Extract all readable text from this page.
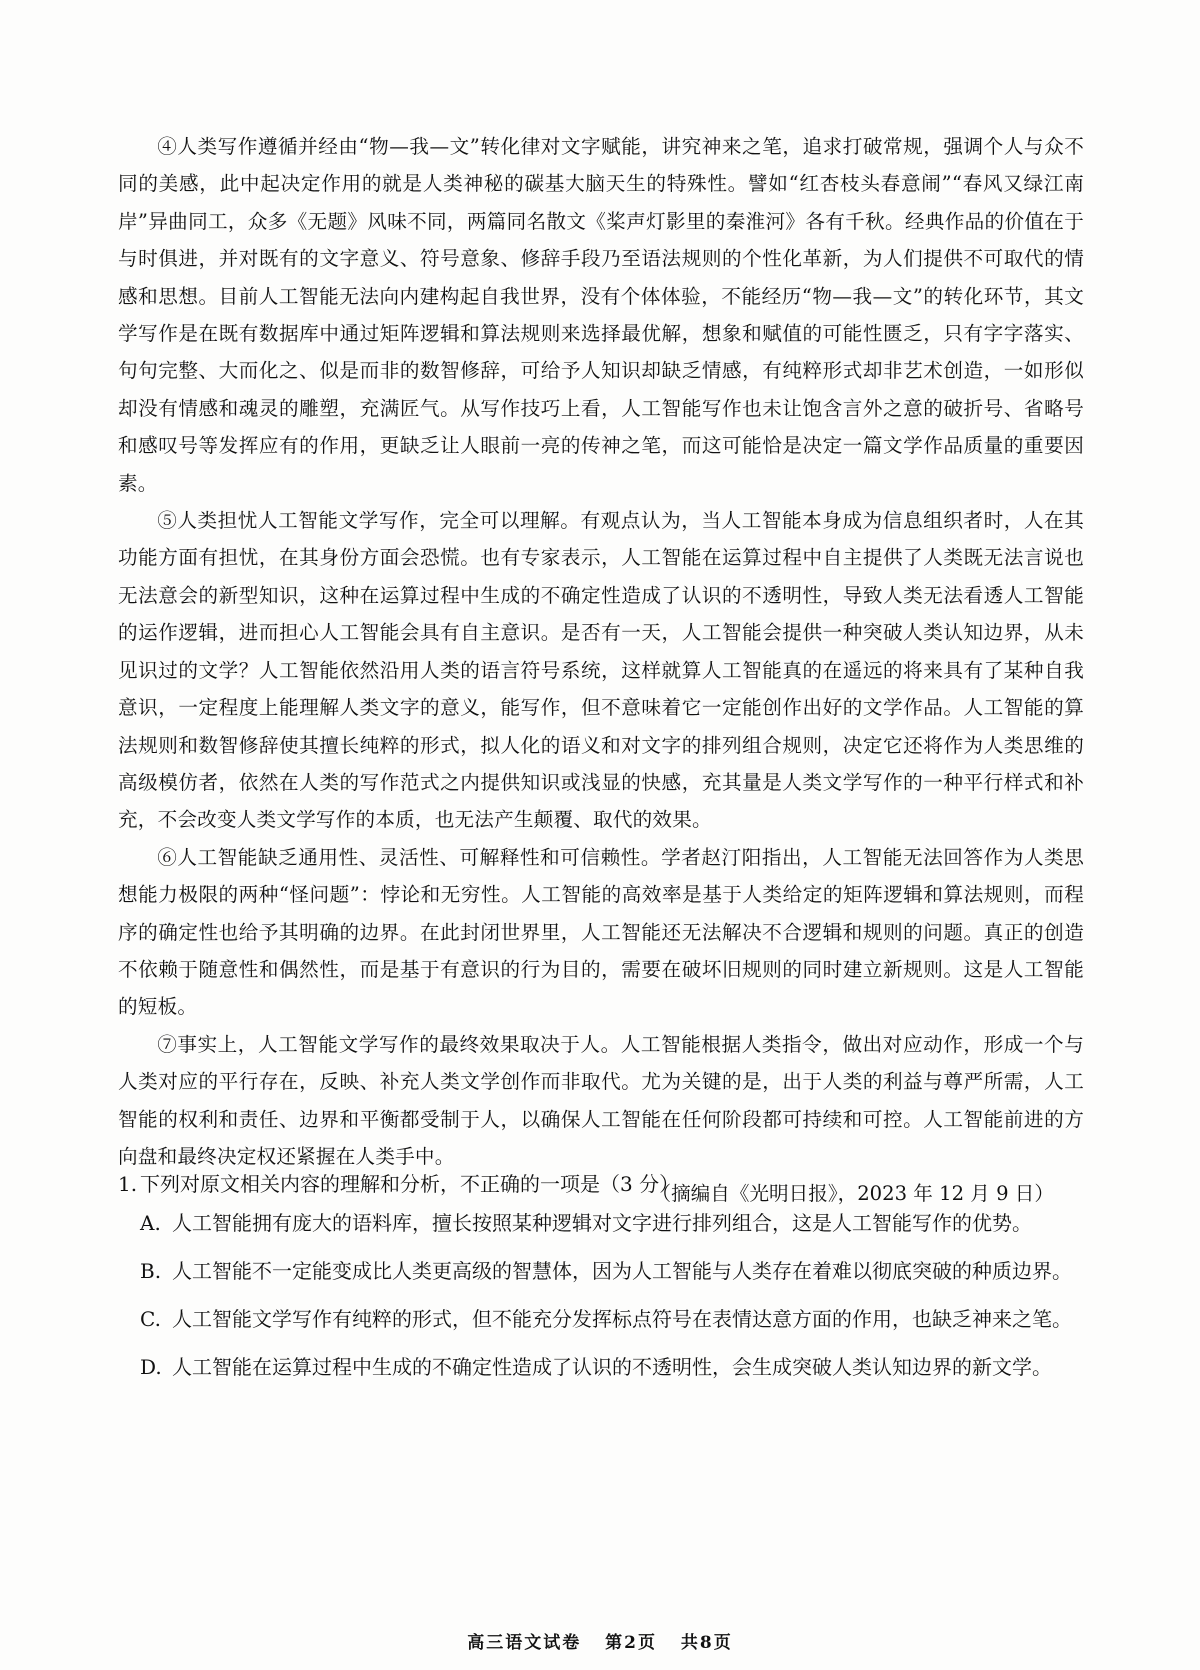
④人类写作遵循并经由“物—我—文”转化律对文字赋能，讲究神来之笔，追求打破常规，强调个人与众不同的美感，此中起决定作用的就是人类神秘的碳基大脑天生的特殊性。譬如“红杏枝头春意闹”“春风又绿江南岸”异曲同工，众多《无题》风味不同，两篇同名散文《桨声灯影里的秦淮河》各有千秋。经典作品的价值在于与时俱进，并对既有的文字意义、符号意象、修辞手段乃至语法规则的个性化革新，为人们提供不可取代的情感和思想。目前人工智能无法向内建构起自我世界，没有个体体验，不能经历“物—我—文”的转化环节，其文学写作是在既有数据库中通过矩阵逻辑和算法规则来选择最优解，想象和赋值的可能性匮乏，只有字字落实、句句完整、大而化之、似是而非的数智修辞，可给予人知识却缺乏情感，有纯粹形式却非艺术创造，一如形似却没有情感和魂灵的雕塑，充满匠气。从写作技巧上看，人工智能写作也未让饱含言外之意的破折号、省略号和感叹号等发挥应有的作用，更缺乏让人眼前一亮的传神之笔，而这可能恰是决定一篇文学作品质量的重要因素。

⑤人类担忧人工智能文学写作，完全可以理解。有观点认为，当人工智能本身成为信息组织者时，人在其功能方面有担忧，在其身份方面会恐慌。也有专家表示，人工智能在运算过程中自主提供了人类既无法言说也无法意会的新型知识，这种在运算过程中生成的不确定性造成了认识的不透明性，导致人类无法看透人工智能的运作逻辑，进而担心人工智能会具有自主意识。是否有一天，人工智能会提供一种突破人类认知边界，从未见识过的文学？人工智能依然沿用人类的语言符号系统，这样就算人工智能真的在遥远的将来具有了某种自我意识，一定程度上能理解人类文字的意义，能写作，但不意味着它一定能创作出好的文学作品。人工智能的算法规则和数智修辞使其擅长纯粹的形式，拟人化的语义和对文字的排列组合规则，决定它还将作为人类思维的高级模仿者，依然在人类的写作范式之内提供知识或浅显的快感，充其量是人类文学写作的一种平行样式和补充，不会改变人类文学写作的本质，也无法产生颠覆、取代的效果。

⑥人工智能缺乏通用性、灵活性、可解释性和可信赖性。学者赵汀阳指出，人工智能无法回答作为人类思想能力极限的两种“怪问题”：悖论和无穷性。人工智能的高效率是基于人类给定的矩阵逻辑和算法规则，而程序的确定性也给予其明确的边界。在此封闭世界里，人工智能还无法解决不合逻辑和规则的问题。真正的创造不依赖于随意性和偶然性，而是基于有意识的行为目的，需要在破坏旧规则的同时建立新规则。这是人工智能的短板。

⑦事实上，人工智能文学写作的最终效果取决于人。人工智能根据人类指令，做出对应动作，形成一个与人类对应的平行存在，反映、补充人类文学创作而非取代。尤为关键的是，出于人类的利益与尊严所需，人工智能的权利和责任、边界和平衡都受制于人，以确保人工智能在任何阶段都可持续和可控。人工智能前进的方向盘和最终决定权还紧握在人类手中。

（摘编自《光明日报》，2023 年 12 月 9 日）

1. 下列对原文相关内容的理解和分析，不正确的一项是（3 分）

A. 人工智能拥有庞大的语料库，擅长按照某种逻辑对文字进行排列组合，这是人工智能写作的优势。
B. 人工智能不一定能变成比人类更高级的智慧体，因为人工智能与人类存在着难以彻底突破的种质边界。
C. 人工智能文学写作有纯粹的形式，但不能充分发挥标点符号在表情达意方面的作用，也缺乏神来之笔。
D. 人工智能在运算过程中生成的不确定性造成了认识的不透明性，会生成突破人类认知边界的新文学。
高三语文试卷 第2页 共8页
